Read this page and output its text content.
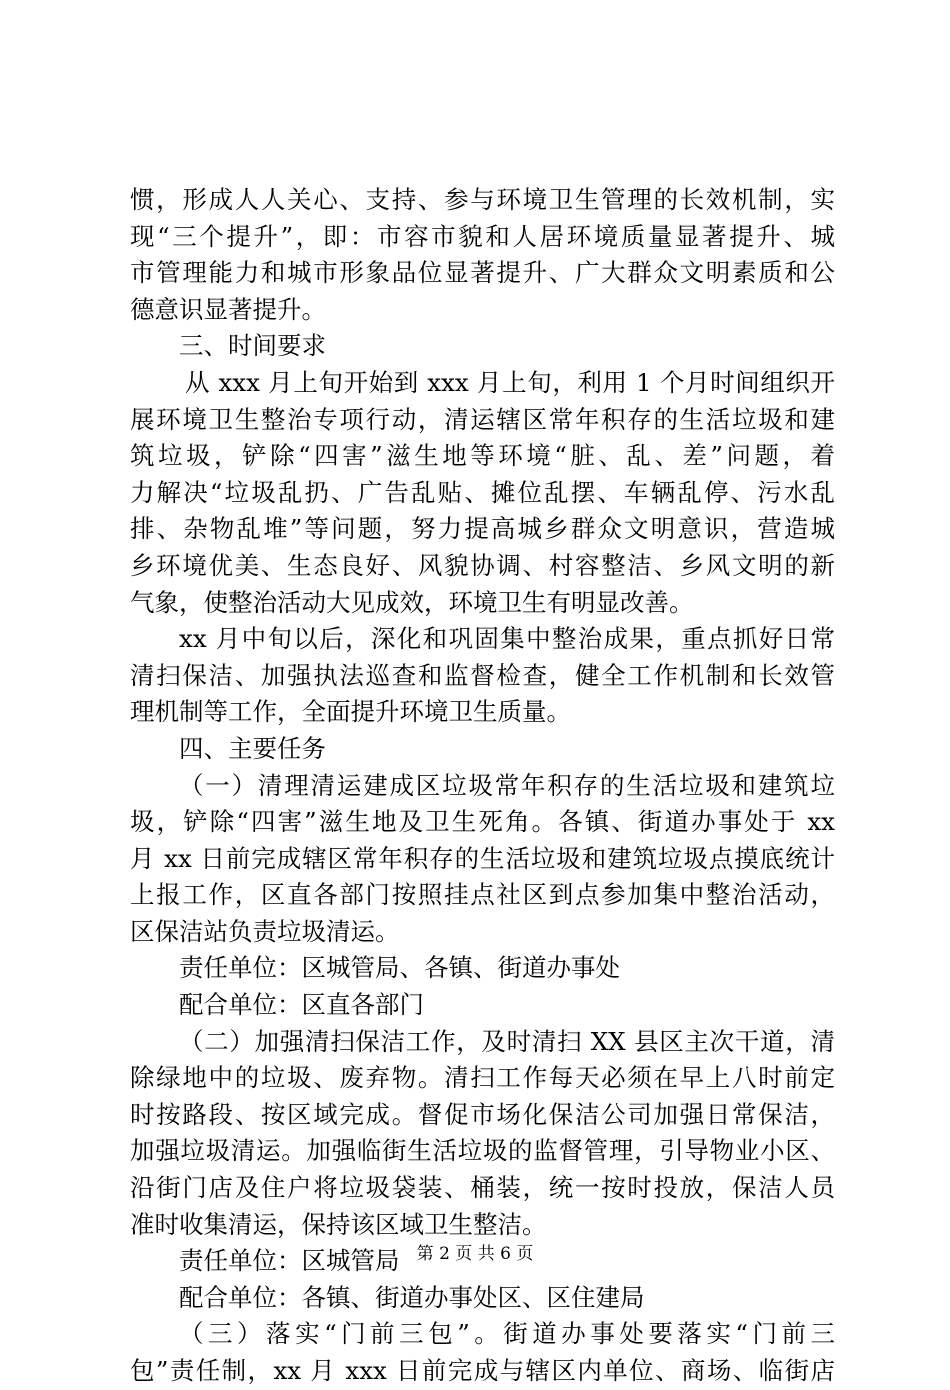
惯，形成人人关心、支持、参与环境卫生管理的长效机制，实
现“三个提升”，即：市容市貌和人居环境质量显著提升、城
市管理能力和城市形象品位显著提升、广大群众文明素质和公
德意识显著提升。
三、时间要求
从 xxx 月上旬开始到 xxx 月上旬，利用 1 个月时间组织开
展环境卫生整治专项行动，清运辖区常年积存的生活垃圾和建
筑垃圾，铲除“四害”滋生地等环境“脏、乱、差”问题，着
力解决“垃圾乱扔、广告乱贴、摊位乱摆、车辆乱停、污水乱
排、杂物乱堆”等问题，努力提高城乡群众文明意识，营造城
乡环境优美、生态良好、风貌协调、村容整洁、乡风文明的新
气象，使整治活动大见成效，环境卫生有明显改善。
xx 月中旬以后，深化和巩固集中整治成果，重点抓好日常
清扫保洁、加强执法巡查和监督检查，健全工作机制和长效管
理机制等工作，全面提升环境卫生质量。
四、主要任务
（一）清理清运建成区垃圾常年积存的生活垃圾和建筑垃
圾，铲除“四害”滋生地及卫生死角。各镇、街道办事处于 xx
月 xx 日前完成辖区常年积存的生活垃圾和建筑垃圾点摸底统计
上报工作，区直各部门按照挂点社区到点参加集中整治活动，
区保洁站负责垃圾清运。
责任单位：区城管局、各镇、街道办事处
配合单位：区直各部门
（二）加强清扫保洁工作，及时清扫 XX 县区主次干道，清
除绿地中的垃圾、废弃物。清扫工作每天必须在早上八时前定
时按路段、按区域完成。督促市场化保洁公司加强日常保洁，
加强垃圾清运。加强临街生活垃圾的监督管理，引导物业小区、
沿街门店及住户将垃圾袋装、桶装，统一按时投放，保洁人员
准时收集清运，保持该区域卫生整洁。
责任单位：区城管局
配合单位：各镇、街道办事处区、区住建局
（三）落实“门前三包”。街道办事处要落实“门前三
包”责任制，xx 月 xxx 日前完成与辖区内单位、商场、临街店
第 2 页 共 6 页
